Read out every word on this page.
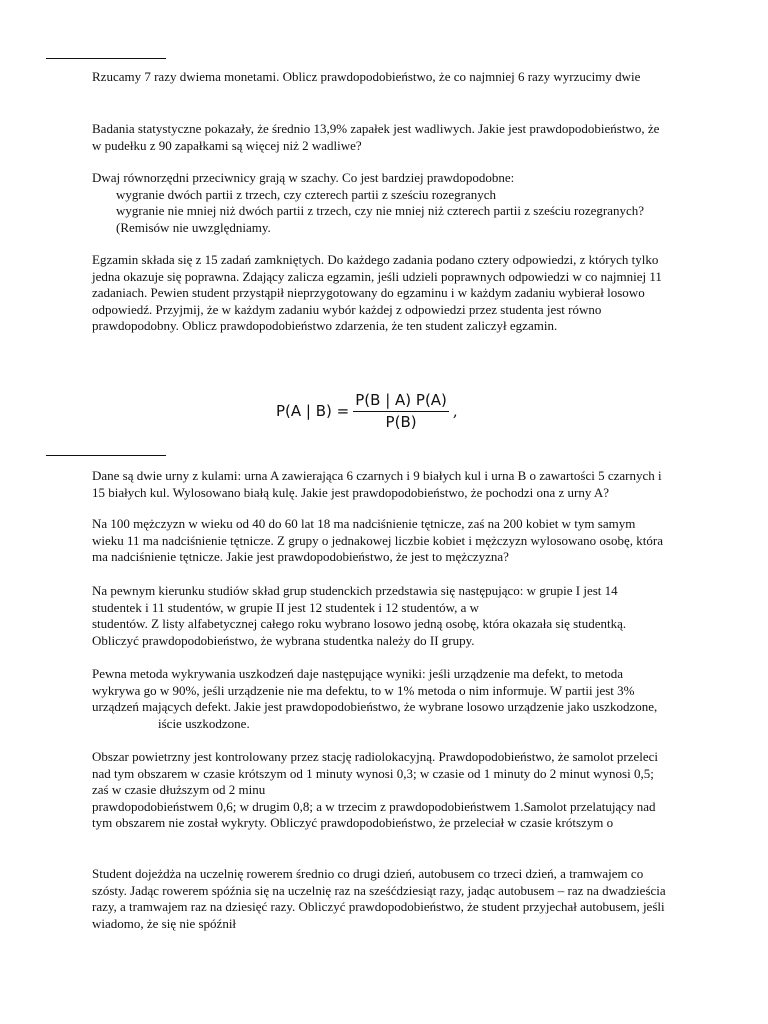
Rzucamy 7 razy dwiema monetami. Oblicz prawdopodobieństwo, że co najmniej 6 razy wyrzucimy dwie
Badania statystyczne pokazały, że średnio 13,9% zapałek jest wadliwych. Jakie jest prawdopodobieństwo, że
w pudełku z 90 zapałkami są więcej niż 2 wadliwe?
Dwaj równorzędni przeciwnicy grają w szachy. Co jest bardziej prawdopodobne:
wygranie dwóch partii z trzech, czy czterech partii z sześciu rozegranych
wygranie nie mniej niż dwóch partii z trzech, czy nie mniej niż czterech partii z sześciu rozegranych?
(Remisów nie uwzględniamy.
Egzamin składa się z 15 zadań zamkniętych. Do każdego zadania podano cztery odpowiedzi, z których tylko
jedna okazuje się poprawna. Zdający zalicza egzamin, jeśli udzieli poprawnych odpowiedzi w co najmniej 11
zadaniach. Pewien student przystąpił nieprzygotowany do egzaminu i w każdym zadaniu wybierał losowo
odpowiedź. Przyjmij, że w każdym zadaniu wybór każdej z odpowiedzi przez studenta jest równo
prawdopodobny. Oblicz prawdopodobieństwo zdarzenia, że ten student zaliczył egzamin.
P(A | $B) = \frac{P(B | A) P(A)}{P(B)}$ ,
Dane są dwie urny z kulami: urna A zawierająca 6 czarnych i 9 białych kul i urna B o zawartości 5 czarnych i
15 białych kul. Wylosowano białą kulę. Jakie jest prawdopodobieństwo, że pochodzi ona z urny A?
Na 100 mężczyzn w wieku od 40 do 60 lat 18 ma nadciśnienie tętnicze, zaś na 200 kobiet w tym samym
wieku 11 ma nadciśnienie tętnicze. Z grupy o jednakowej liczbie kobiet i mężczyzn wylosowano osobę, która
ma nadciśnienie tętnicze. Jakie jest prawdopodobieństwo, że jest to mężczyzna?
Na pewnym kierunku studiów skład grup studenckich przedstawia się następująco: w grupie I jest 14
studentek i 11 studentów, w grupie II jest 12 studentek i 12 studentów, a w
studentów. Z listy alfabetycznej całego roku wybrano losowo jedną osobę, która okazała się studentką.
Obliczyć prawdopodobieństwo, że wybrana studentka należy do II grupy.
Pewna metoda wykrywania uszkodzeń daje następujące wyniki: jeśli urządzenie ma defekt, to metoda
wykrywa go w 90%, jeśli urządzenie nie ma defektu, to w 1% metoda o nim informuje. W partii jest 3%
urządzeń mających defekt. Jakie jest prawdopodobieństwo, że wybrane losowo urządzenie jako uszkodzone,
iście uszkodzone.
Obszar powietrzny jest kontrolowany przez stację radiolokacyjną. Prawdopodobieństwo, że samolot przeleci
nad tym obszarem w czasie krótszym od 1 minuty wynosi 0,3; w czasie od 1 minuty do 2 minut wynosi 0,5;
zaś w czasie dłuższym od 2 minu
prawdopodobieństwem 0,6; w drugim 0,8; a w trzecim z prawdopodobieństwem 1.Samolot przelatujący nad
tym obszarem nie został wykryty. Obliczyć prawdopodobieństwo, że przeleciał w czasie krótszym o
Student dojeżdża na uczelnię rowerem średnio co drugi dzień, autobusem co trzeci dzień, a tramwajem co
szósty. Jadąc rowerem spóźnia się na uczelnię raz na sześćdziesiąt razy, jadąc autobusem – raz na dwadzieścia
razy, a tramwajem raz na dziesięć razy. Obliczyć prawdopodobieństwo, że student przyjechał autobusem, jeśli
wiadomo, że się nie spóźnił
